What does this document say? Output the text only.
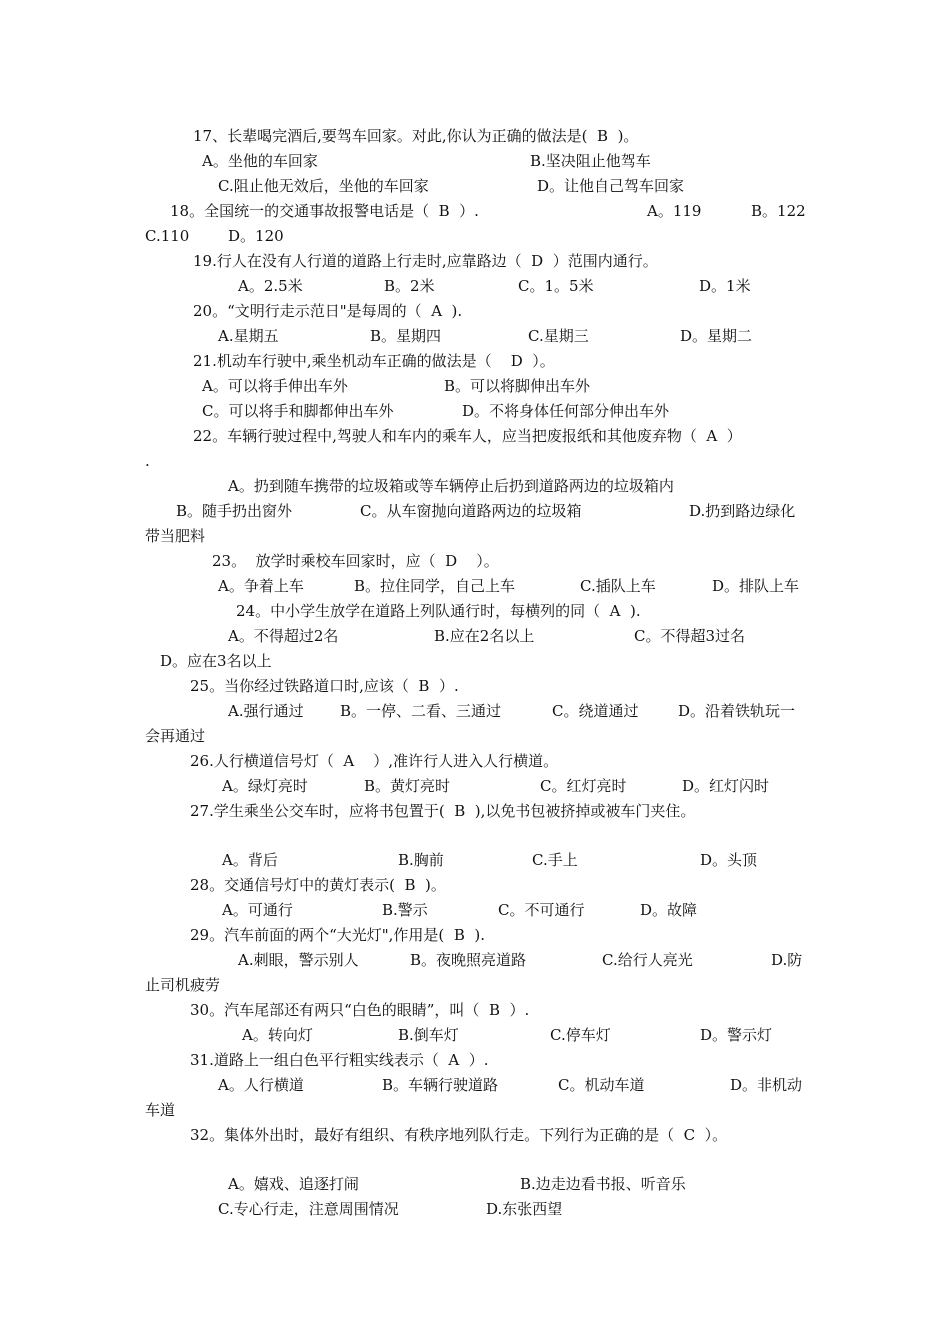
17、长辈喝完酒后,要驾车回家。对此,你认为正确的做法是(  B  )。
A。坐他的车回家	B.坚决阻止他驾车
C.阻止他无效后，坐他的车回家	D。让他自己驾车回家
18。全国统一的交通事故报警电话是（  B  ）.	A。119	B。122
C.110	D。120
19.行人在没有人行道的道路上行走时,应靠路边（  D  ）范围内通行。
A。2.5米	B。2米	C。1。5米	D。1米
20。“文明行走示范日"是每周的（  A  ).
A.星期五	B。星期四	C.星期三	D。星期二
21.机动车行驶中,乘坐机动车正确的做法是（    D  ）。
A。可以将手伸出车外	B。可以将脚伸出车外
C。可以将手和脚都伸出车外	D。不将身体任何部分伸出车外
22。车辆行驶过程中,驾驶人和车内的乘车人，应当把废报纸和其他废弃物（  A  ）
.
A。扔到随车携带的垃圾箱或等车辆停止后扔到道路两边的垃圾箱内
B。随手扔出窗外	C。从车窗抛向道路两边的垃圾箱	D.扔到路边绿化
带当肥料
23。  放学时乘校车回家时，应（  D    ）。
A。争着上车	B。拉住同学，自己上车	C.插队上车	D。排队上车
24。中小学生放学在道路上列队通行时，每横列的同（  A  ).
A。不得超过2名	B.应在2名以上	C。不得超3过名
D。应在3名以上
25。当你经过铁路道口时,应该（  B  ）.
A.强行通过 B。一停、二看、三通过	C。绕道通过	D。沿着铁轨玩一
会再通过
26.人行横道信号灯（  A    ）,准许行人进入人行横道。
A。绿灯亮时	B。黄灯亮时	C。红灯亮时	D。红灯闪时
27.学生乘坐公交车时，应将书包置于(  B  ),以免书包被挤掉或被车门夹住。
A。背后	B.胸前	C.手上	D。头顶
28。交通信号灯中的黄灯表示(  B  )。
A。可通行	B.警示	C。不可通行	D。故障
29。汽车前面的两个“大光灯",作用是(  B  ).
A.刺眼，警示别人	B。夜晚照亮道路	C.给行人亮光	D.防
止司机疲劳
30。汽车尾部还有两只“白色的眼睛”，叫（  B  ）.
A。转向灯	B.倒车灯	C.停车灯	D。警示灯
31.道路上一组白色平行粗实线表示（  A  ）.
A。人行横道	B。车辆行驶道路	C。机动车道	D。非机动
车道
32。集体外出时，最好有组织、有秩序地列队行走。下列行为正确的是（  C  ）。
A。嬉戏、追逐打闹	B.边走边看书报、听音乐
C.专心行走，注意周围情况	D.东张西望
